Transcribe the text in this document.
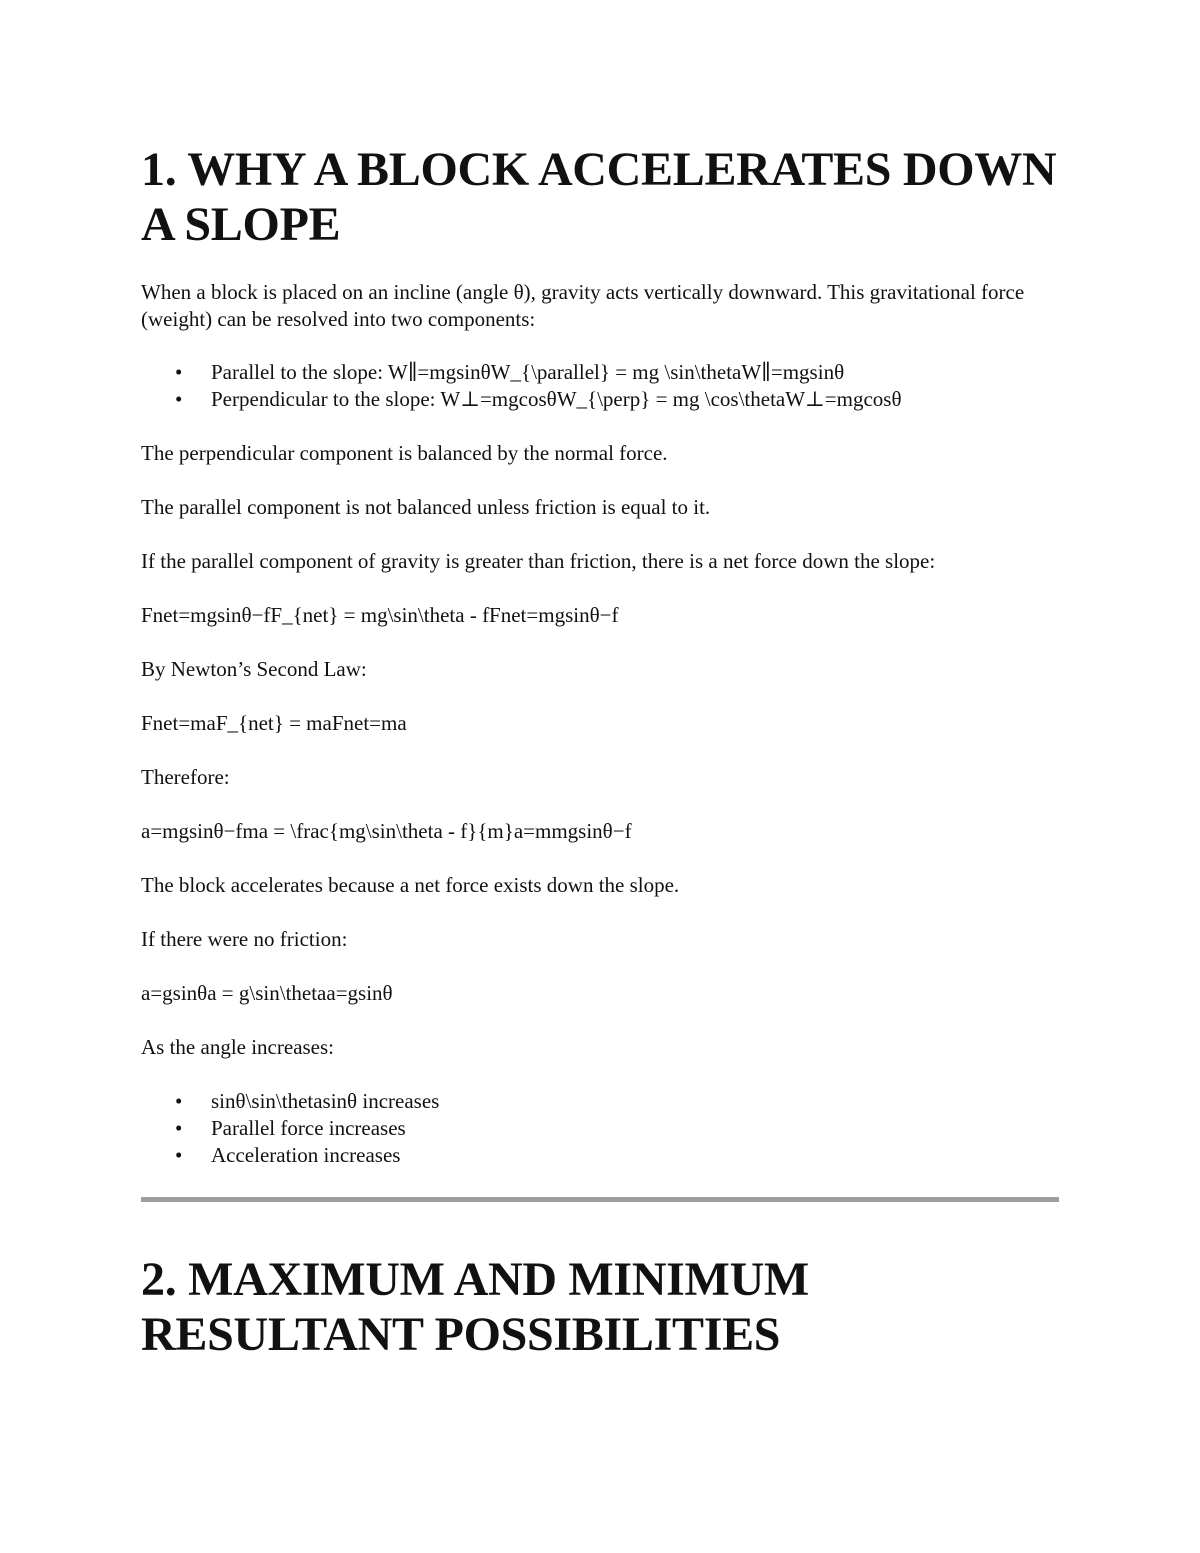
1. WHY A BLOCK ACCELERATES DOWN A SLOPE

When a block is placed on an incline (angle θ), gravity acts vertically downward. This gravitational force (weight) can be resolved into two components:

• Parallel to the slope: W∥=mgsinθW_{\parallel} = mg \sin\thetaW∥=mgsinθ
• Perpendicular to the slope: W⊥=mgcosθW_{\perp} = mg \cos\thetaW⊥=mgcosθ

The perpendicular component is balanced by the normal force.

The parallel component is not balanced unless friction is equal to it.

If the parallel component of gravity is greater than friction, there is a net force down the slope:

Fnet=mgsinθ−fF_{net} = mg\sin\theta - fFnet=mgsinθ−f

By Newton’s Second Law:

Fnet=maF_{net} = maFnet=ma

Therefore:

a=mgsinθ−fma = \frac{mg\sin\theta - f}{m}a=mmgsinθ−f

The block accelerates because a net force exists down the slope.

If there were no friction:

a=gsinθa = g\sin\thetaa=gsinθ

As the angle increases:

• sinθ\sin\thetasinθ increases
• Parallel force increases
• Acceleration increases
2. MAXIMUM AND MINIMUM RESULTANT POSSIBILITIES
